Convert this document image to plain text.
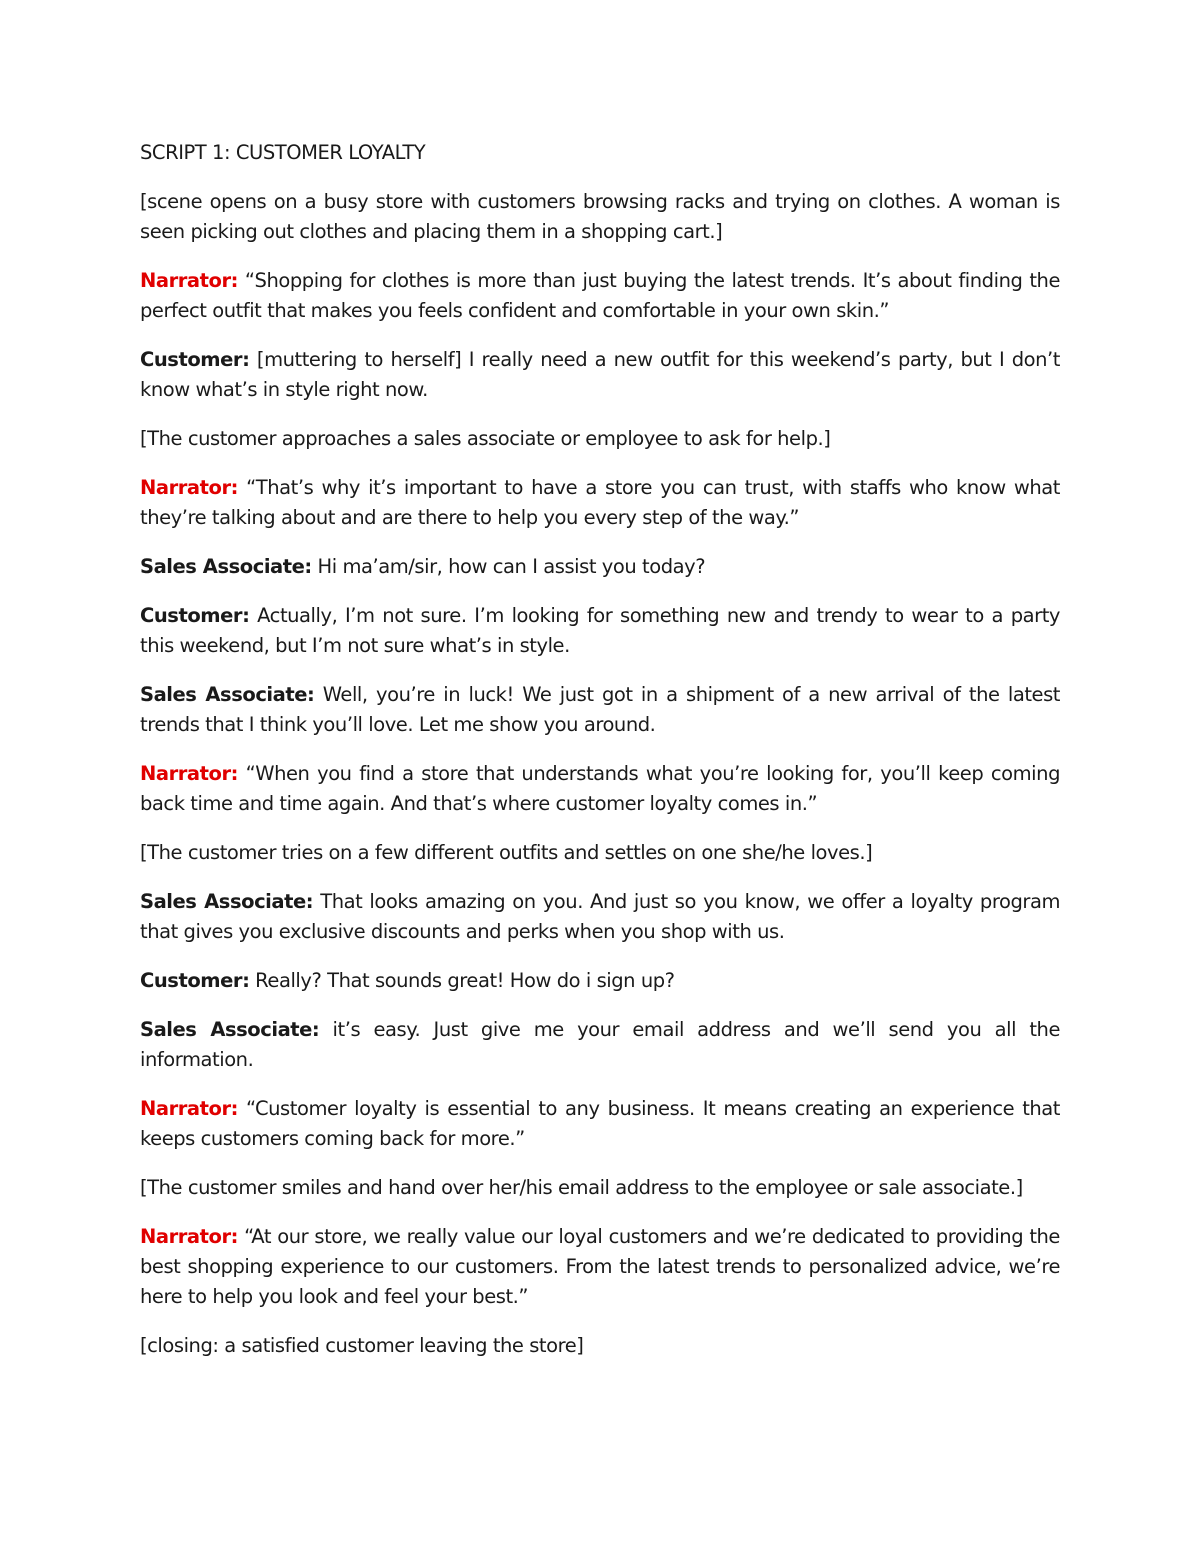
SCRIPT 1: CUSTOMER LOYALTY

[scene opens on a busy store with customers browsing racks and trying on clothes. A woman is seen picking out clothes and placing them in a shopping cart.]

Narrator: “Shopping for clothes is more than just buying the latest trends. It’s about finding the perfect outfit that makes you feels confident and comfortable in your own skin.”

Customer: [muttering to herself] I really need a new outfit for this weekend’s party, but I don’t know what’s in style right now.

[The customer approaches a sales associate or employee to ask for help.]

Narrator: “That’s why it’s important to have a store you can trust, with staffs who know what they’re talking about and are there to help you every step of the way.”

Sales Associate: Hi ma’am/sir, how can I assist you today?

Customer: Actually, I’m not sure. I’m looking for something new and trendy to wear to a party this weekend, but I’m not sure what’s in style.

Sales Associate: Well, you’re in luck! We just got in a shipment of a new arrival of the latest trends that I think you’ll love. Let me show you around.

Narrator: “When you find a store that understands what you’re looking for, you’ll keep coming back time and time again. And that’s where customer loyalty comes in.”

[The customer tries on a few different outfits and settles on one she/he loves.]

Sales Associate: That looks amazing on you. And just so you know, we offer a loyalty program that gives you exclusive discounts and perks when you shop with us.

Customer: Really? That sounds great! How do i sign up?

Sales Associate: it’s easy. Just give me your email address and we’ll send you all the information.

Narrator: “Customer loyalty is essential to any business. It means creating an experience that keeps customers coming back for more.”

[The customer smiles and hand over her/his email address to the employee or sale associate.]

Narrator: “At our store, we really value our loyal customers and we’re dedicated to providing the best shopping experience to our customers. From the latest trends to personalized advice, we’re here to help you look and feel your best.”

[closing: a satisfied customer leaving the store]
